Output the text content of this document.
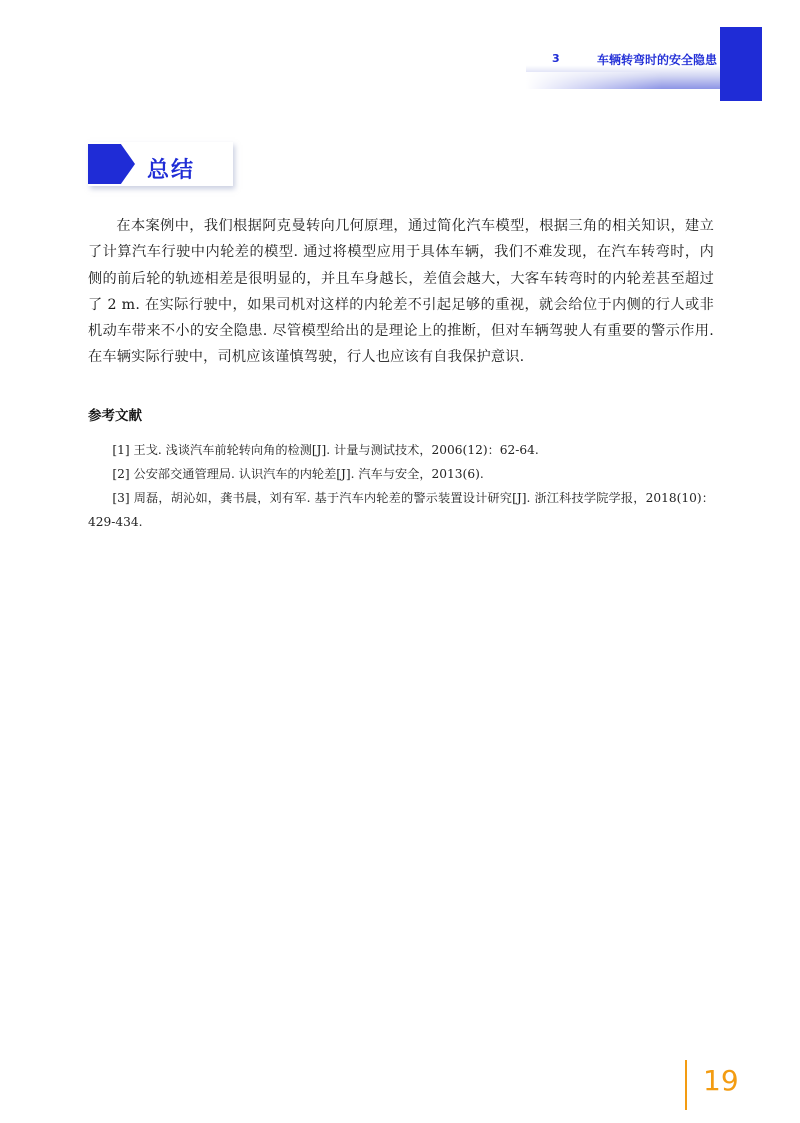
3	车辆转弯时的安全隐患
总结

在本案例中，我们根据阿克曼转向几何原理，通过简化汽车模型，根据三角的相关知识，建立了计算汽车行驶中内轮差的模型. 通过将模型应用于具体车辆，我们不难发现，在汽车转弯时，内侧的前后轮的轨迹相差是很明显的，并且车身越长，差值会越大，大客车转弯时的内轮差甚至超过了 2 m. 在实际行驶中，如果司机对这样的内轮差不引起足够的重视，就会给位于内侧的行人或非机动车带来不小的安全隐患. 尽管模型给出的是理论上的推断，但对车辆驾驶人有重要的警示作用. 在车辆实际行驶中，司机应该谨慎驾驶，行人也应该有自我保护意识.

参考文献
[1] 王戈. 浅谈汽车前轮转向角的检测[J]. 计量与测试技术，2006(12)：62-64.
[2] 公安部交通管理局. 认识汽车的内轮差[J]. 汽车与安全，2013(6).
[3] 周磊，胡沁如，龚书晨，刘有军. 基于汽车内轮差的警示装置设计研究[J]. 浙江科技学院学报，2018(10)：429-434.
19
